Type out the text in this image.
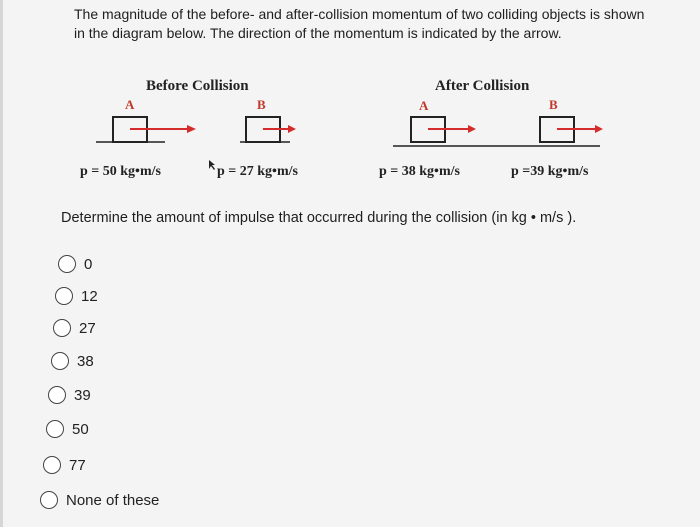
The magnitude of the before- and after-collision momentum of two colliding objects is shown in the diagram below. The direction of the momentum is indicated by the arrow.
Before Collision	After Collision
A	B	A	B
p = 50 kg•m/s	p = 27 kg•m/s	p = 38 kg•m/s	p =39 kg•m/s
Determine the amount of impulse that occurred during the collision (in kg • m/s ).
0
12
27
38
39
50
77
None of these
